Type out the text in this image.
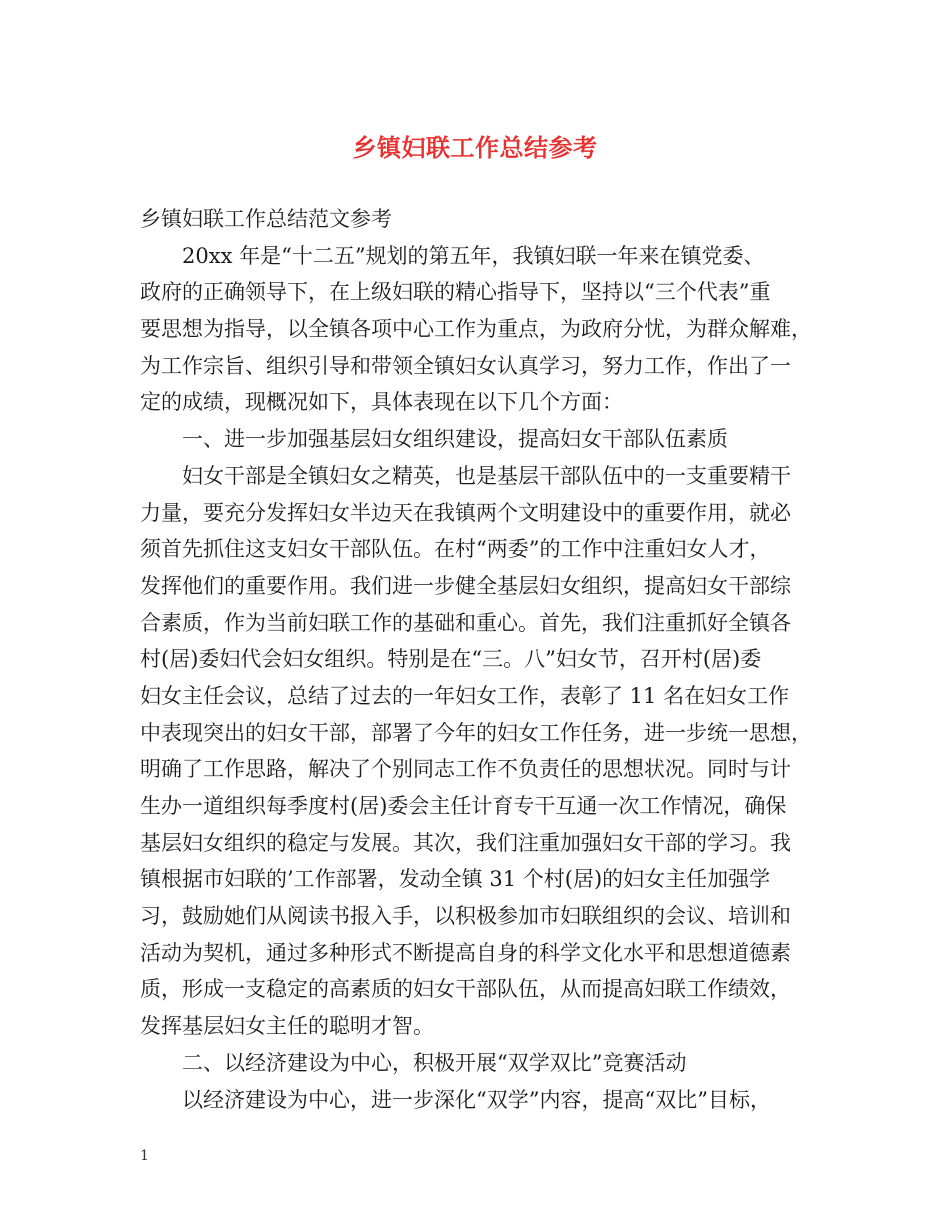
乡镇妇联工作总结参考
乡镇妇联工作总结范文参考
20xx 年是“十二五”规划的第五年，我镇妇联一年来在镇党委、
政府的正确领导下，在上级妇联的精心指导下，坚持以“三个代表”重
要思想为指导，以全镇各项中心工作为重点，为政府分忧，为群众解难，
为工作宗旨、组织引导和带领全镇妇女认真学习，努力工作，作出了一
定的成绩，现概况如下，具体表现在以下几个方面：
一、进一步加强基层妇女组织建设，提高妇女干部队伍素质
妇女干部是全镇妇女之精英，也是基层干部队伍中的一支重要精干
力量，要充分发挥妇女半边天在我镇两个文明建设中的重要作用，就必
须首先抓住这支妇女干部队伍。在村“两委”的工作中注重妇女人才，
发挥他们的重要作用。我们进一步健全基层妇女组织，提高妇女干部综
合素质，作为当前妇联工作的基础和重心。首先，我们注重抓好全镇各
村(居)委妇代会妇女组织。特别是在“三。八”妇女节，召开村(居)委
妇女主任会议，总结了过去的一年妇女工作，表彰了 11 名在妇女工作
中表现突出的妇女干部，部署了今年的妇女工作任务，进一步统一思想，
明确了工作思路，解决了个别同志工作不负责任的思想状况。同时与计
生办一道组织每季度村(居)委会主任计育专干互通一次工作情况，确保
基层妇女组织的稳定与发展。其次，我们注重加强妇女干部的学习。我
镇根据市妇联的’工作部署，发动全镇 31 个村(居)的妇女主任加强学
习，鼓励她们从阅读书报入手，以积极参加市妇联组织的会议、培训和
活动为契机，通过多种形式不断提高自身的科学文化水平和思想道德素
质，形成一支稳定的高素质的妇女干部队伍，从而提高妇联工作绩效，
发挥基层妇女主任的聪明才智。
二、以经济建设为中心，积极开展“双学双比”竞赛活动
以经济建设为中心，进一步深化“双学”内容，提高“双比”目标，
1
